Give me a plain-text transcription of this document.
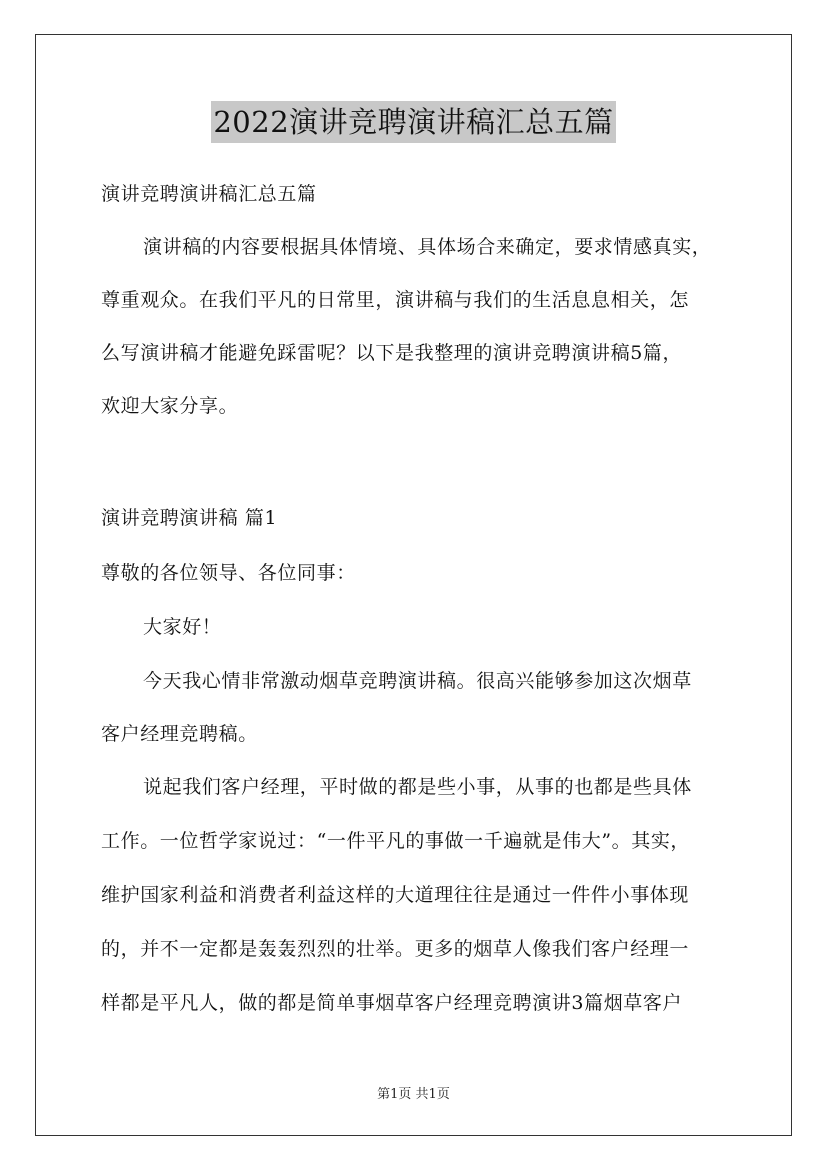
2022演讲竞聘演讲稿汇总五篇

演讲竞聘演讲稿汇总五篇

演讲稿的内容要根据具体情境、具体场合来确定，要求情感真实，

尊重观众。在我们平凡的日常里，演讲稿与我们的生活息息相关，怎

么写演讲稿才能避免踩雷呢？以下是我整理的演讲竞聘演讲稿5篇，

欢迎大家分享。

演讲竞聘演讲稿 篇1

尊敬的各位领导、各位同事：

大家好！

今天我心情非常激动烟草竞聘演讲稿。很高兴能够参加这次烟草

客户经理竞聘稿。

说起我们客户经理，平时做的都是些小事，从事的也都是些具体

工作。一位哲学家说过：“一件平凡的事做一千遍就是伟大”。其实，

维护国家利益和消费者利益这样的大道理往往是通过一件件小事体现

的，并不一定都是轰轰烈烈的壮举。更多的烟草人像我们客户经理一

样都是平凡人，做的都是简单事烟草客户经理竞聘演讲3篇烟草客户

第1页 共1页
